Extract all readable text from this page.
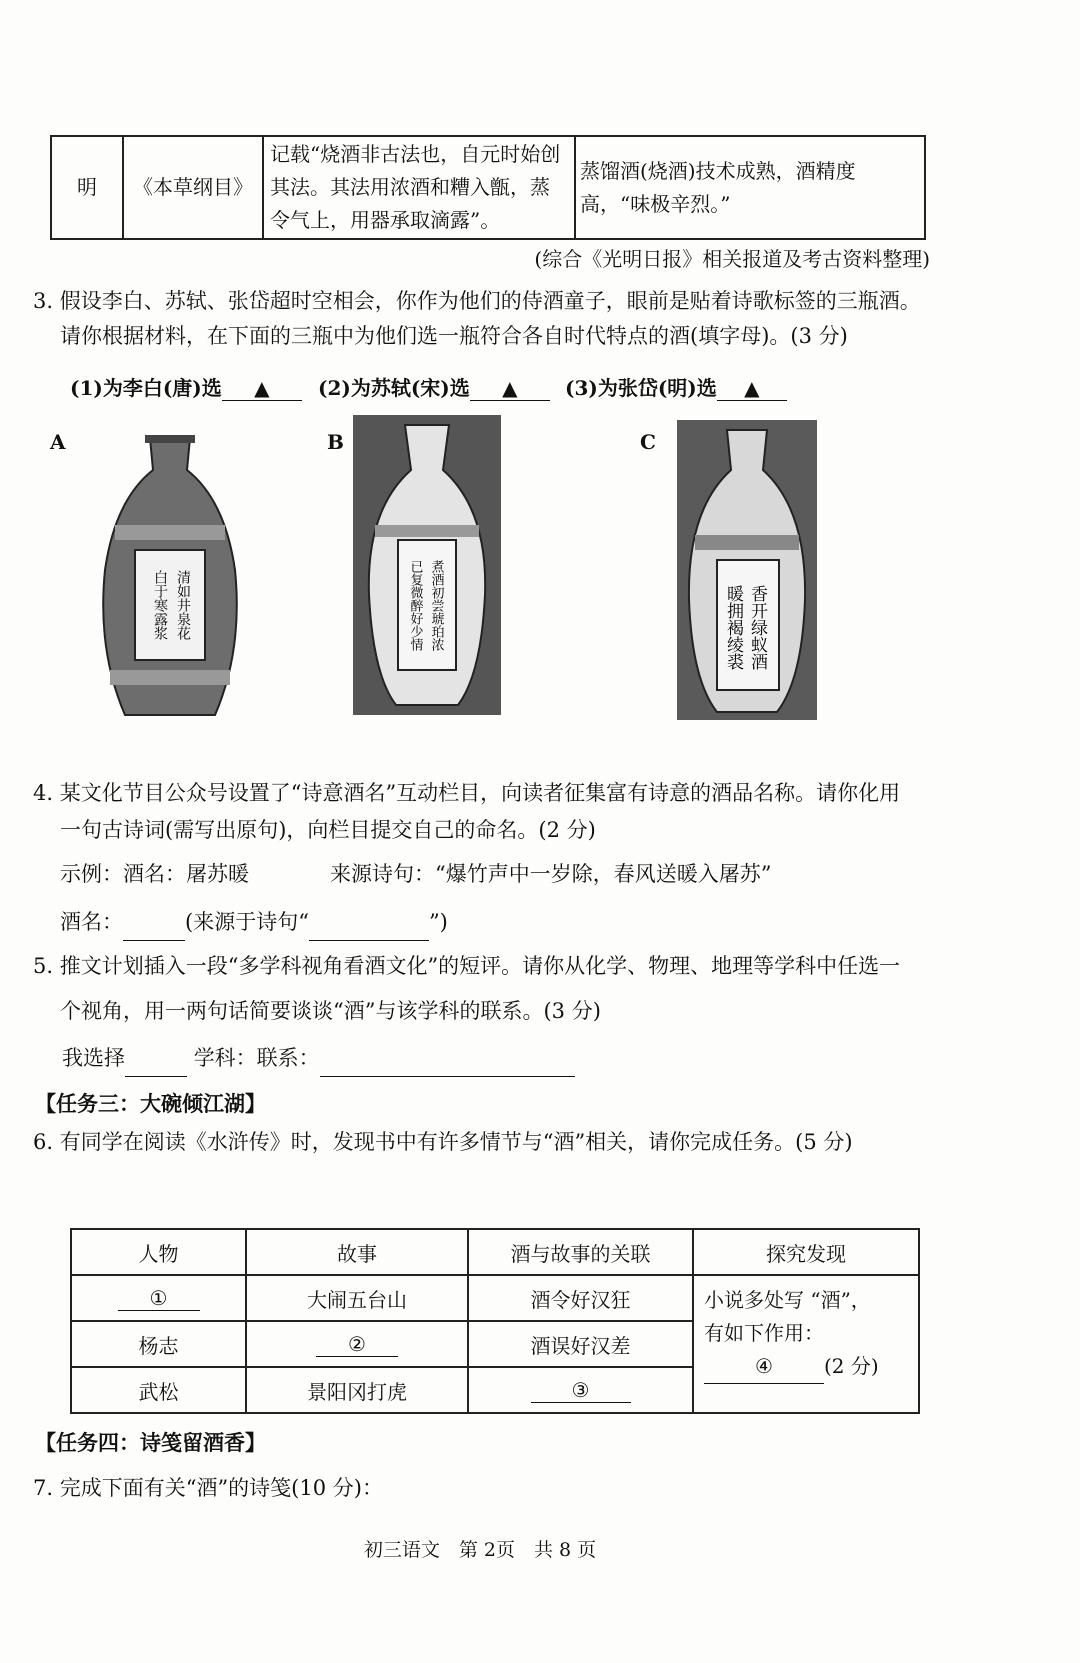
明	《本草纲目》	记载“烧酒非古法也，自元时始创其法。其法用浓酒和糟入甑，蒸令气上，用器承取滴露”。	蒸馏酒(烧酒)技术成熟，酒精度高，“味极辛烈。”
(综合《光明日报》相关报道及考古资料整理)
3. 假设李白、苏轼、张岱超时空相会，你作为他们的侍酒童子，眼前是贴着诗歌标签的三瓶酒。
请你根据材料，在下面的三瓶中为他们选一瓶符合各自时代特点的酒(填字母)。(3 分)
(1)为李白(唐)选 ▲	(2)为苏轼(宋)选 ▲	(3)为张岱(明)选 ▲
A
清如井泉花
白于寒露浆
B
煮酒初尝琥珀浓
已复微醉好少情
C
香开绿蚁酒
暖拥褐绫裘
4. 某文化节目公众号设置了“诗意酒名”互动栏目，向读者征集富有诗意的酒品名称。请你化用
一句古诗词(需写出原句)，向栏目提交自己的命名。(2 分)
示例：酒名：屠苏暖	来源诗句：“爆竹声中一岁除，春风送暖入屠苏”
酒名：	(来源于诗句“	”)
5. 推文计划插入一段“多学科视角看酒文化”的短评。请你从化学、物理、地理等学科中任选一
个视角，用一两句话简要谈谈“酒”与该学科的联系。(3 分)
我选择	学科：联系：
【任务三：大碗倾江湖】
6. 有同学在阅读《水浒传》时，发现书中有许多情节与“酒”相关，请你完成任务。(5 分)
人物	故事	酒与故事的关联	探究发现
①	大闹五台山	酒令好汉狂	小说多处写 “酒”，
有如下作用：
④ (2 分)

杨志	②	酒误好汉差	
武松	景阳冈打虎	③	
【任务四：诗笺留酒香】
7. 完成下面有关“酒”的诗笺(10 分)：
初三语文　第 2页　共 8 页
